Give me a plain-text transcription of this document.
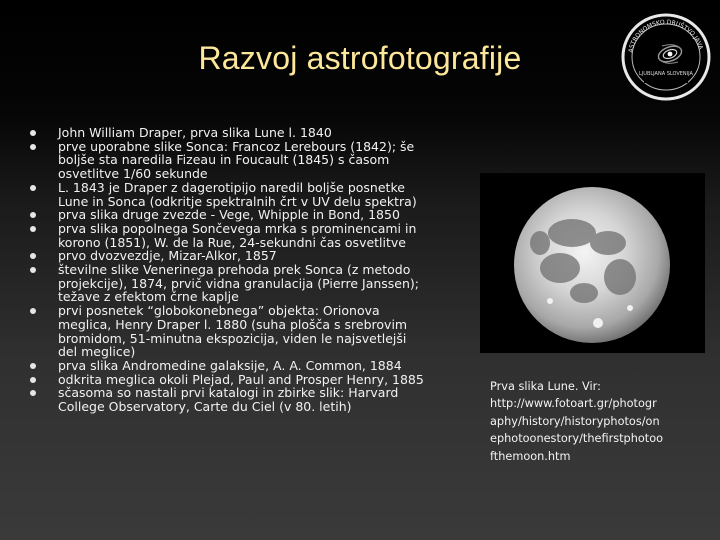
Razvoj astrofotografije	ASTRONOMSKO DRUŠTVO JAVA
LJUBLJANA SLOVENIJA
John William Draper, prva slika Lune l. 1840
prve uporabne slike Sonca: Francoz Lerebours (1842); še
boljše sta naredila Fizeau in Foucault (1845) s časom
osvetlitve 1/60 sekunde
L. 1843 je Draper z dagerotipijo naredil boljše posnetke
Lune in Sonca (odkritje spektralnih črt v UV delu spektra)
prva slika druge zvezde - Vege, Whipple in Bond, 1850
prva slika popolnega Sončevega mrka s prominencami in
korono (1851), W. de la Rue, 24-sekundni čas osvetlitve
prvo dvozvezdje, Mizar-Alkor, 1857
številne slike Venerinega prehoda prek Sonca (z metodo
projekcije), 1874, prvič vidna granulacija (Pierre Janssen);
težave z efektom črne kaplje
prvi posnetek “globokonebnega” objekta: Orionova
meglica, Henry Draper l. 1880 (suha plošča s srebrovim
bromidom, 51-minutna ekspozicija, viden le najsvetlejši
del meglice)
prva slika Andromedine galaksije, A. A. Common, 1884
odkrita meglica okoli Plejad, Paul and Prosper Henry, 1885
sčasoma so nastali prvi katalogi in zbirke slik: Harvard
College Observatory, Carte du Ciel (v 80. letih)
Prva slika Lune. Vir:
http://www.fotoart.gr/photogr
aphy/history/historyphotos/on
ephotoonestory/thefirstphotoo
fthemoon.htm
